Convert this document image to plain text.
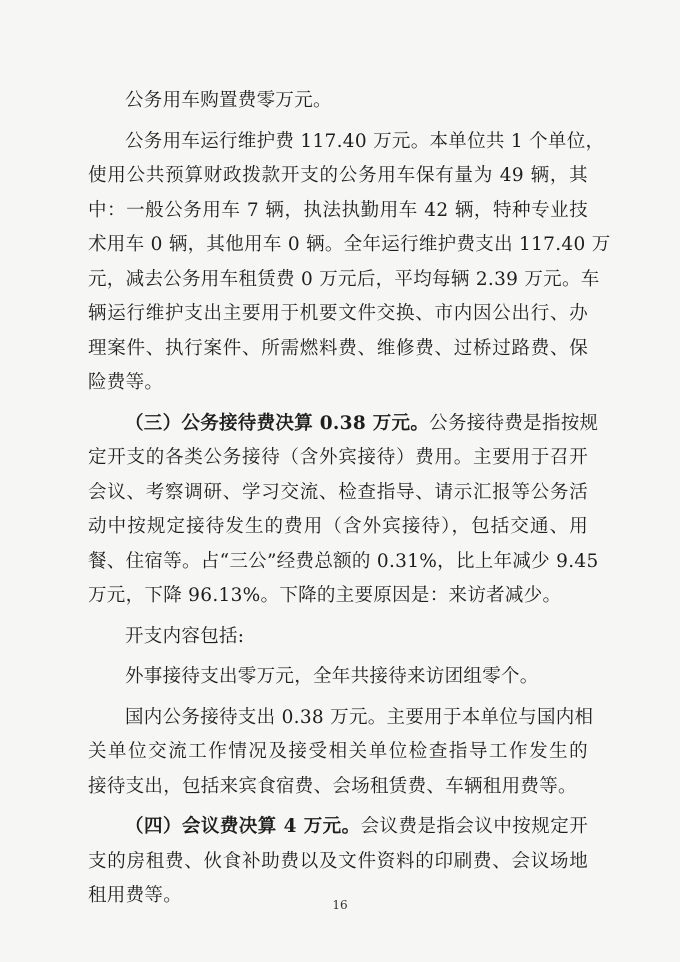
公务用车购置费零万元。
公务用车运行维护费 117.40 万元。本单位共 1 个单位，
使用公共预算财政拨款开支的公务用车保有量为 49 辆，其
中：一般公务用车 7 辆，执法执勤用车 42 辆，特种专业技
术用车 0 辆，其他用车 0 辆。全年运行维护费支出 117.40 万
元，减去公务用车租赁费 0 万元后，平均每辆 2.39 万元。车
辆运行维护支出主要用于机要文件交换、市内因公出行、办
理案件、执行案件、所需燃料费、维修费、过桥过路费、保
险费等。
（三）公务接待费决算 0.38 万元。公务接待费是指按规
定开支的各类公务接待（含外宾接待）费用。主要用于召开
会议、考察调研、学习交流、检查指导、请示汇报等公务活
动中按规定接待发生的费用（含外宾接待），包括交通、用
餐、住宿等。占“三公”经费总额的 0.31%，比上年减少 9.45
万元，下降 96.13%。下降的主要原因是：来访者减少。
开支内容包括:
外事接待支出零万元，全年共接待来访团组零个。
国内公务接待支出 0.38 万元。主要用于本单位与国内相
关单位交流工作情况及接受相关单位检查指导工作发生的
接待支出，包括来宾食宿费、会场租赁费、车辆租用费等。
（四）会议费决算 4 万元。会议费是指会议中按规定开
支的房租费、伙食补助费以及文件资料的印刷费、会议场地
租用费等。	16
